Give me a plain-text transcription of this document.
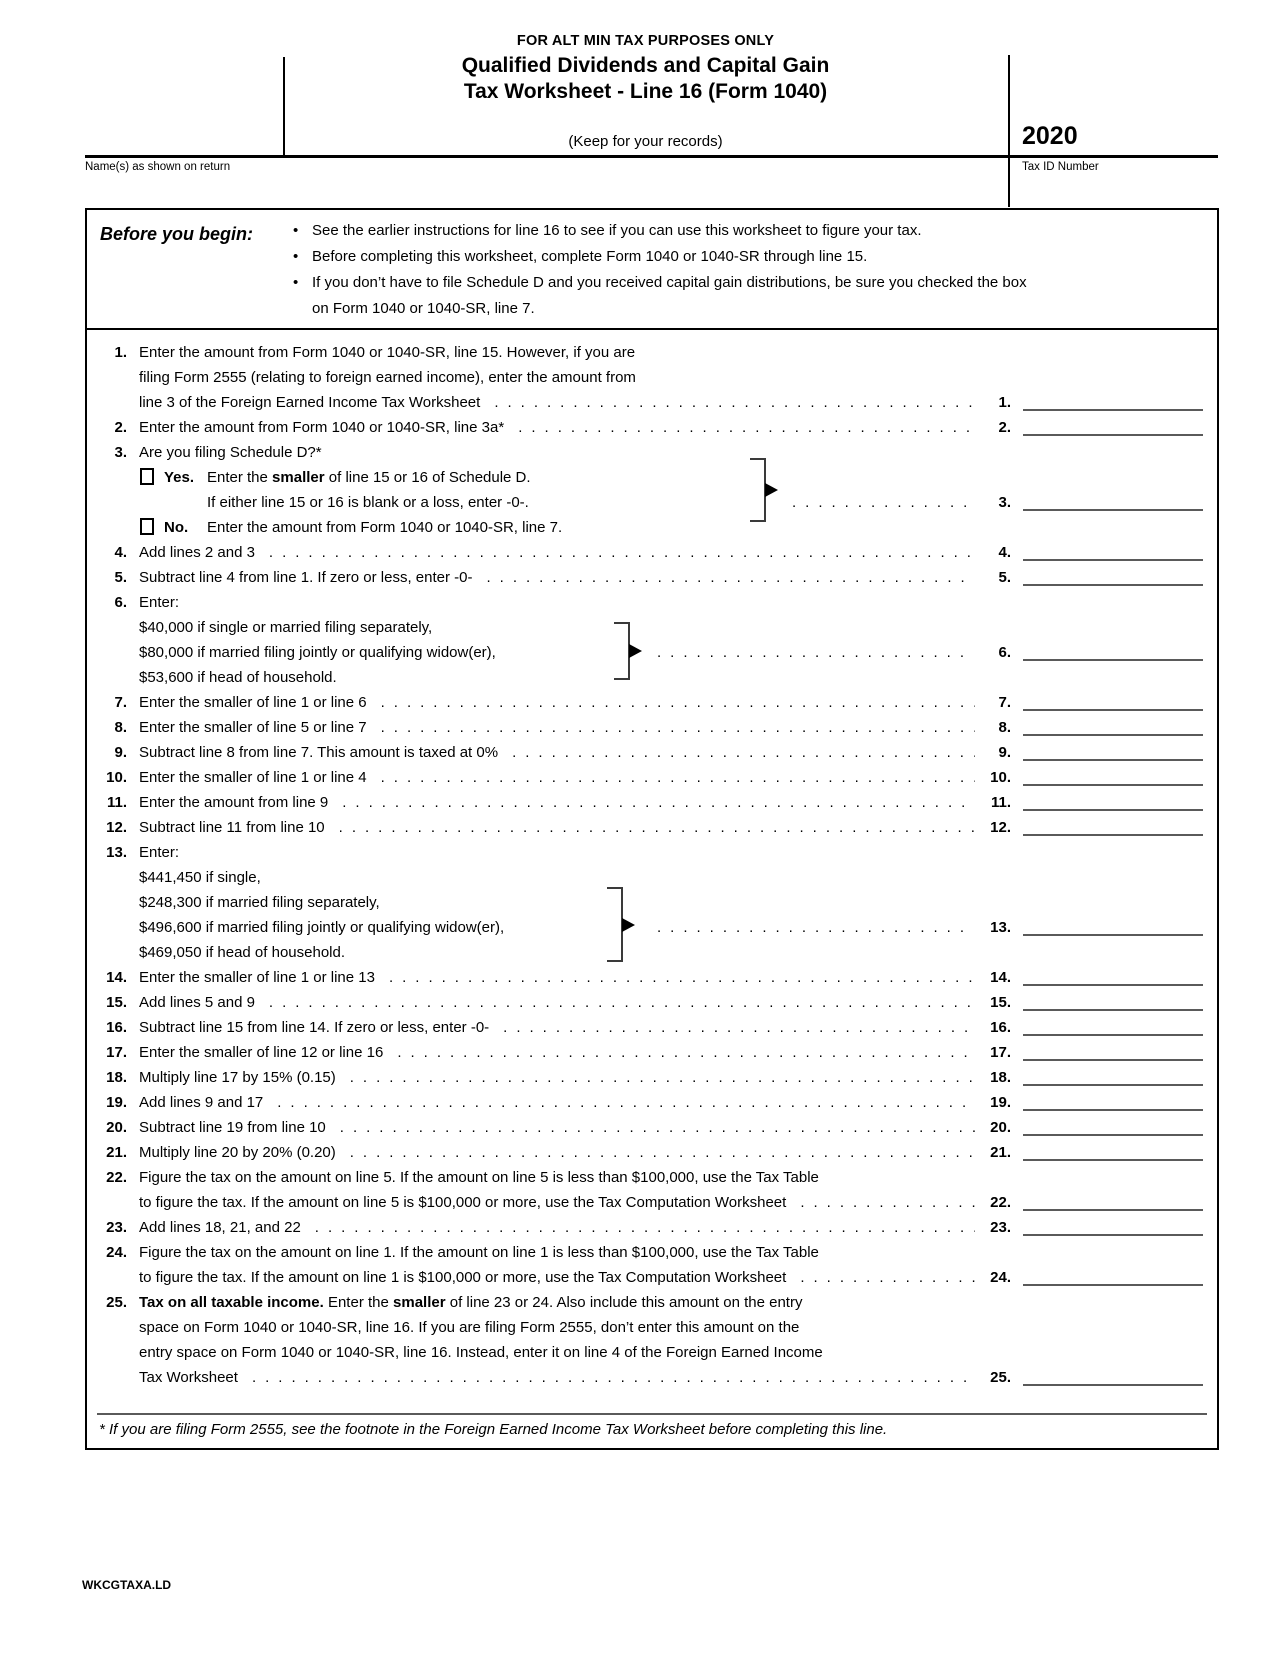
FOR ALT MIN TAX PURPOSES ONLY
Qualified Dividends and Capital Gain
Tax Worksheet - Line 16 (Form 1040)
(Keep for your records)	2020
Name(s) as shown on return	Tax ID Number
Before you begin:	• See the earlier instructions for line 16 to see if you can use this worksheet to figure your tax.
• Before completing this worksheet, complete Form 1040 or 1040-SR through line 15.
• If you don’t have to file Schedule D and you received capital gain distributions, be sure you checked the box
on Form 1040 or 1040-SR, line 7.
1. Enter the amount from Form 1040 or 1040-SR, line 15. However, if you are
filing Form 2555 (relating to foreign earned income), enter the amount from
line 3 of the Foreign Earned Income Tax Worksheet .....	1.
2. Enter the amount from Form 1040 or 1040-SR, line 3a* .....	2.
3. Are you filing Schedule D?*
Yes. Enter the smaller of line 15 or 16 of Schedule D.
If either line 15 or 16 is blank or a loss, enter -0-. .....	3.
No.	Enter the amount from Form 1040 or 1040-SR, line 7.
4. Add lines 2 and 3 .....	4.
5. Subtract line 4 from line 1. If zero or less, enter -0- .....	5.
6. Enter:
$40,000 if single or married filing separately,
$80,000 if married filing jointly or qualifying widow(er), .....	6.
$53,600 if head of household.
7. Enter the smaller of line 1 or line 6 .....	7.
8. Enter the smaller of line 5 or line 7 .....	8.
9. Subtract line 8 from line 7. This amount is taxed at 0% .....	9.
10. Enter the smaller of line 1 or line 4 .....	10.
11. Enter the amount from line 9 .....	11.
12. Subtract line 11 from line 10 .....	12.
13. Enter:
$441,450 if single,
$248,300 if married filing separately,
$496,600 if married filing jointly or qualifying widow(er), .....	13.
$469,050 if head of household.
14. Enter the smaller of line 1 or line 13 .....	14.
15. Add lines 5 and 9 .....	15.
16. Subtract line 15 from line 14. If zero or less, enter -0- .....	16.
17. Enter the smaller of line 12 or line 16 .....	17.
18. Multiply line 17 by 15% (0.15) .....	18.
19. Add lines 9 and 17 .....	19.
20. Subtract line 19 from line 10 .....	20.
21. Multiply line 20 by 20% (0.20) .....	21.
22. Figure the tax on the amount on line 5. If the amount on line 5 is less than $100,000, use the Tax Table
to figure the tax. If the amount on line 5 is $100,000 or more, use the Tax Computation Worksheet .....	22.
23. Add lines 18, 21, and 22 .....	23.
24. Figure the tax on the amount on line 1. If the amount on line 1 is less than $100,000, use the Tax Table
to figure the tax. If the amount on line 1 is $100,000 or more, use the Tax Computation Worksheet .....	24.
25. Tax on all taxable income. Enter the smaller of line 23 or 24. Also include this amount on the entry
space on Form 1040 or 1040-SR, line 16. If you are filing Form 2555, don’t enter this amount on the
entry space on Form 1040 or 1040-SR, line 16. Instead, enter it on line 4 of the Foreign Earned Income
Tax Worksheet .....	25.
* If you are filing Form 2555, see the footnote in the Foreign Earned Income Tax Worksheet before completing this line.
WKCGTAXA.LD
